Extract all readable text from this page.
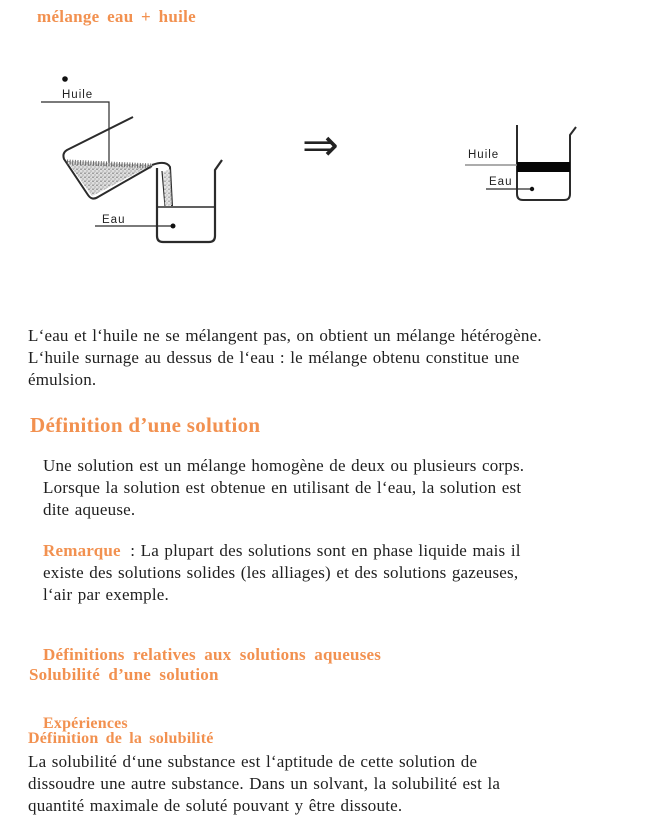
mélange eau + huile
Huile
Eau
⇒	Huile
Eau
L‘eau et l‘huile ne se mélangent pas, on obtient un mélange hétérogène.
L‘huile surnage au dessus de l‘eau : le mélange obtenu constitue une
émulsion.
Définition d’une solution
Une solution est un mélange homogène de deux ou plusieurs corps.
Lorsque la solution est obtenue en utilisant de l‘eau, la solution est
dite aqueuse.
Remarque : La plupart des solutions sont en phase liquide mais il
existe des solutions solides (les alliages) et des solutions gazeuses,
l‘air par exemple.
Définitions relatives aux solutions aqueuses
Solubilité d’une solution
Expériences
Définition de la solubilité
La solubilité d‘une substance est l‘aptitude de cette solution de
dissoudre une autre substance. Dans un solvant, la solubilité est la
quantité maximale de soluté pouvant y être dissoute.
